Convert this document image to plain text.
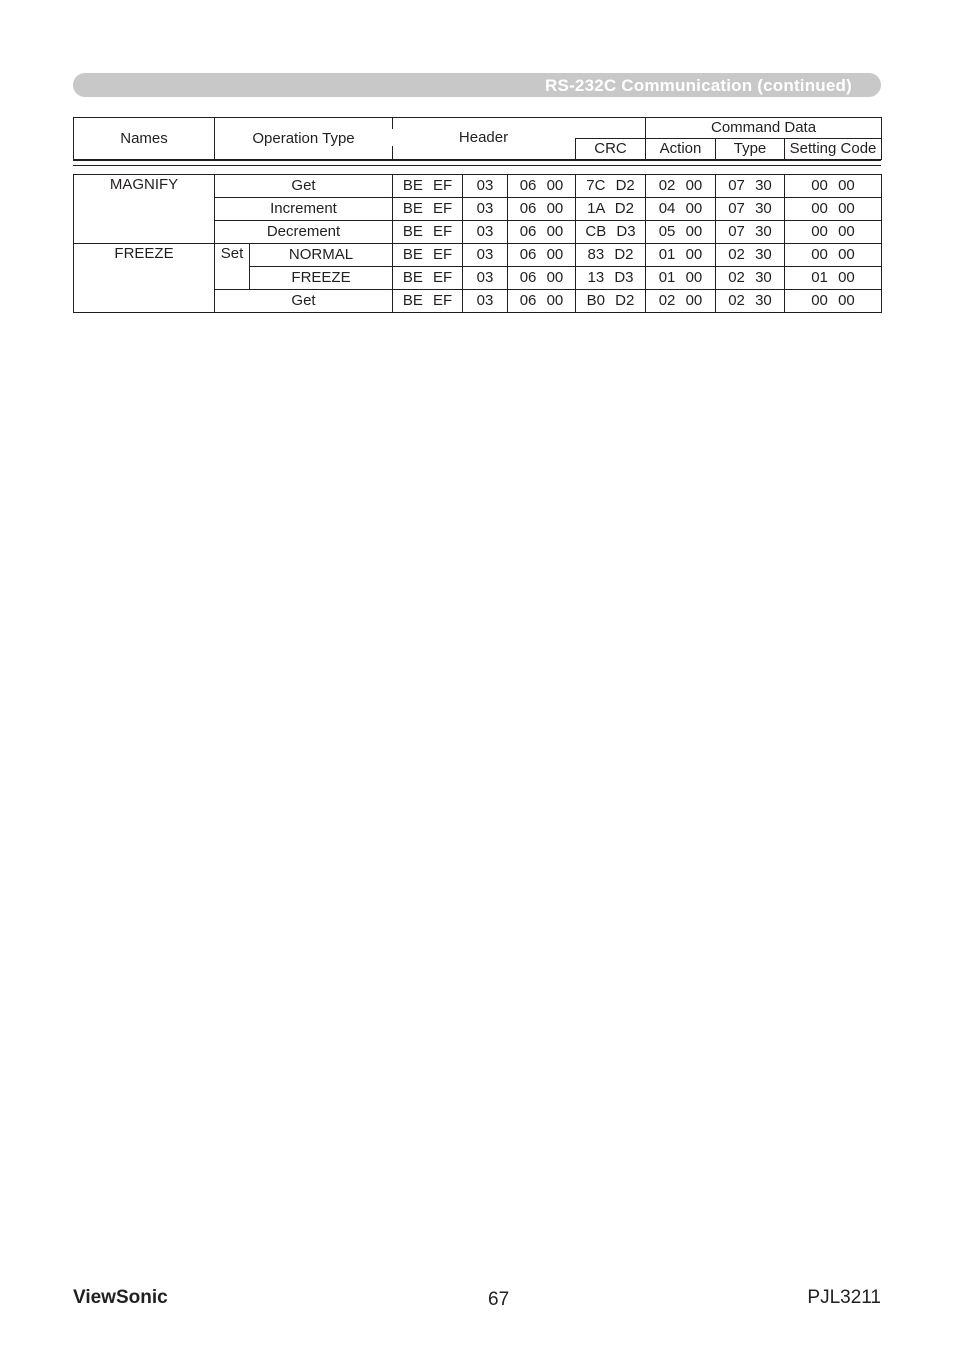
RS-232C Communication (continued)
Names	Operation Type			Command Data		
			CRC	Action	Type	Setting Code
Header
MAGNIFY	Get		BE EF	03	06 00	7C D2	02 00	07 30	00 00
	Increment		BE EF	03	06 00	1A D2	04 00	07 30	00 00
	Decrement		BE EF	03	06 00	CB D3	05 00	07 30	00 00
FREEZE	Set	NORMAL	BE EF	03	06 00	83 D2	01 00	02 30	00 00
		FREEZE	BE EF	03	06 00	13 D3	01 00	02 30	01 00
	Get		BE EF	03	06 00	B0 D2	02 00	02 30	00 00
ViewSonic	67	PJL3211
